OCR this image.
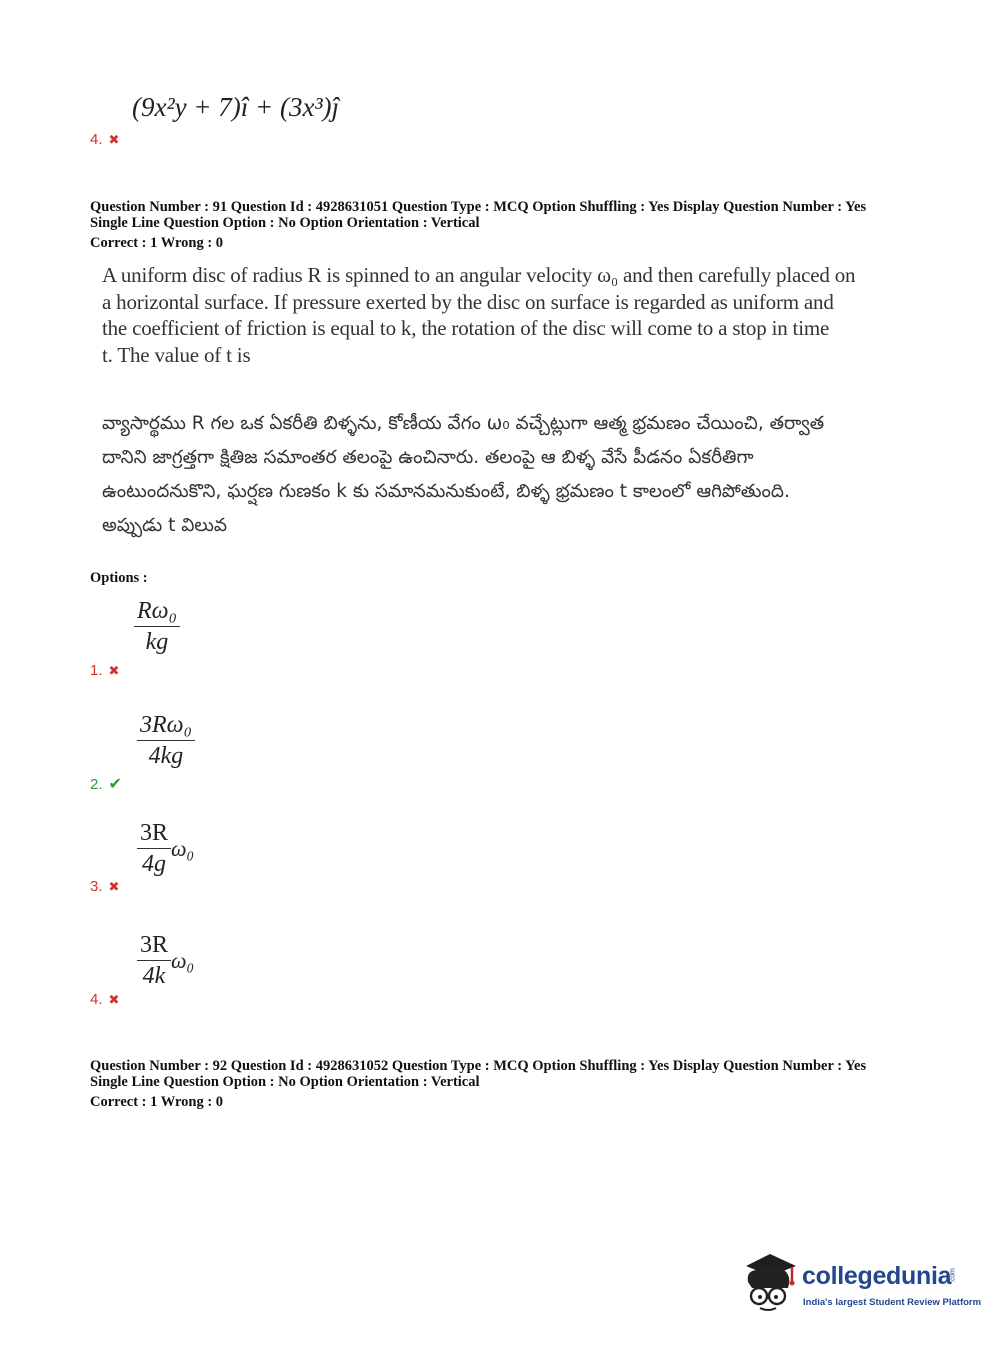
(9x²y + 7)î + (3x³)ĵ
4. ✖
Question Number : 91 Question Id : 4928631051 Question Type : MCQ Option Shuffling : Yes Display Question Number : Yes
Single Line Question Option : No Option Orientation : Vertical
Correct : 1 Wrong : 0
A uniform disc of radius R is spinned to an angular velocity ω₀ and then carefully placed on
a horizontal surface. If pressure exerted by the disc on surface is regarded as uniform and
the coefficient of friction is equal to k, the rotation of the disc will come to a stop in time
t. The value of t is
వ్యాసార్థము R గల ఒక ఏకరీతి బిళ్ళను, కోణీయ వేగం ω₀ వచ్చేట్లుగా ఆత్మ భ్రమణం చేయించి, తర్వాత
దానిని జాగ్రత్తగా క్షితిజ సమాంతర తలంపై ఉంచినారు. తలంపై ఆ బిళ్ళ వేసే పీడనం ఏకరీతిగా
ఉంటుందనుకొని, ఘర్షణ గుణకం k కు సమానమనుకుంటే, బిళ్ళ భ్రమణం t కాలంలో ఆగిపోతుంది.
అప్పుడు t విలువ
Options :
$\frac{\text{Rω₀}}{kg}$
1. ✖
$\frac{\text{3Rω₀}}{4kg}$
2. ✔
$\frac{3R}{4g} \omega_0$
3. ✖
$\frac{3R}{4k} \omega_0$
4. ✖
Question Number : 92 Question Id : 4928631052 Question Type : MCQ Option Shuffling : Yes Display Question Number : Yes
Single Line Question Option : No Option Orientation : Vertical
Correct : 1 Wrong : 0
collegedunia.com
India's largest Student Review Platform
